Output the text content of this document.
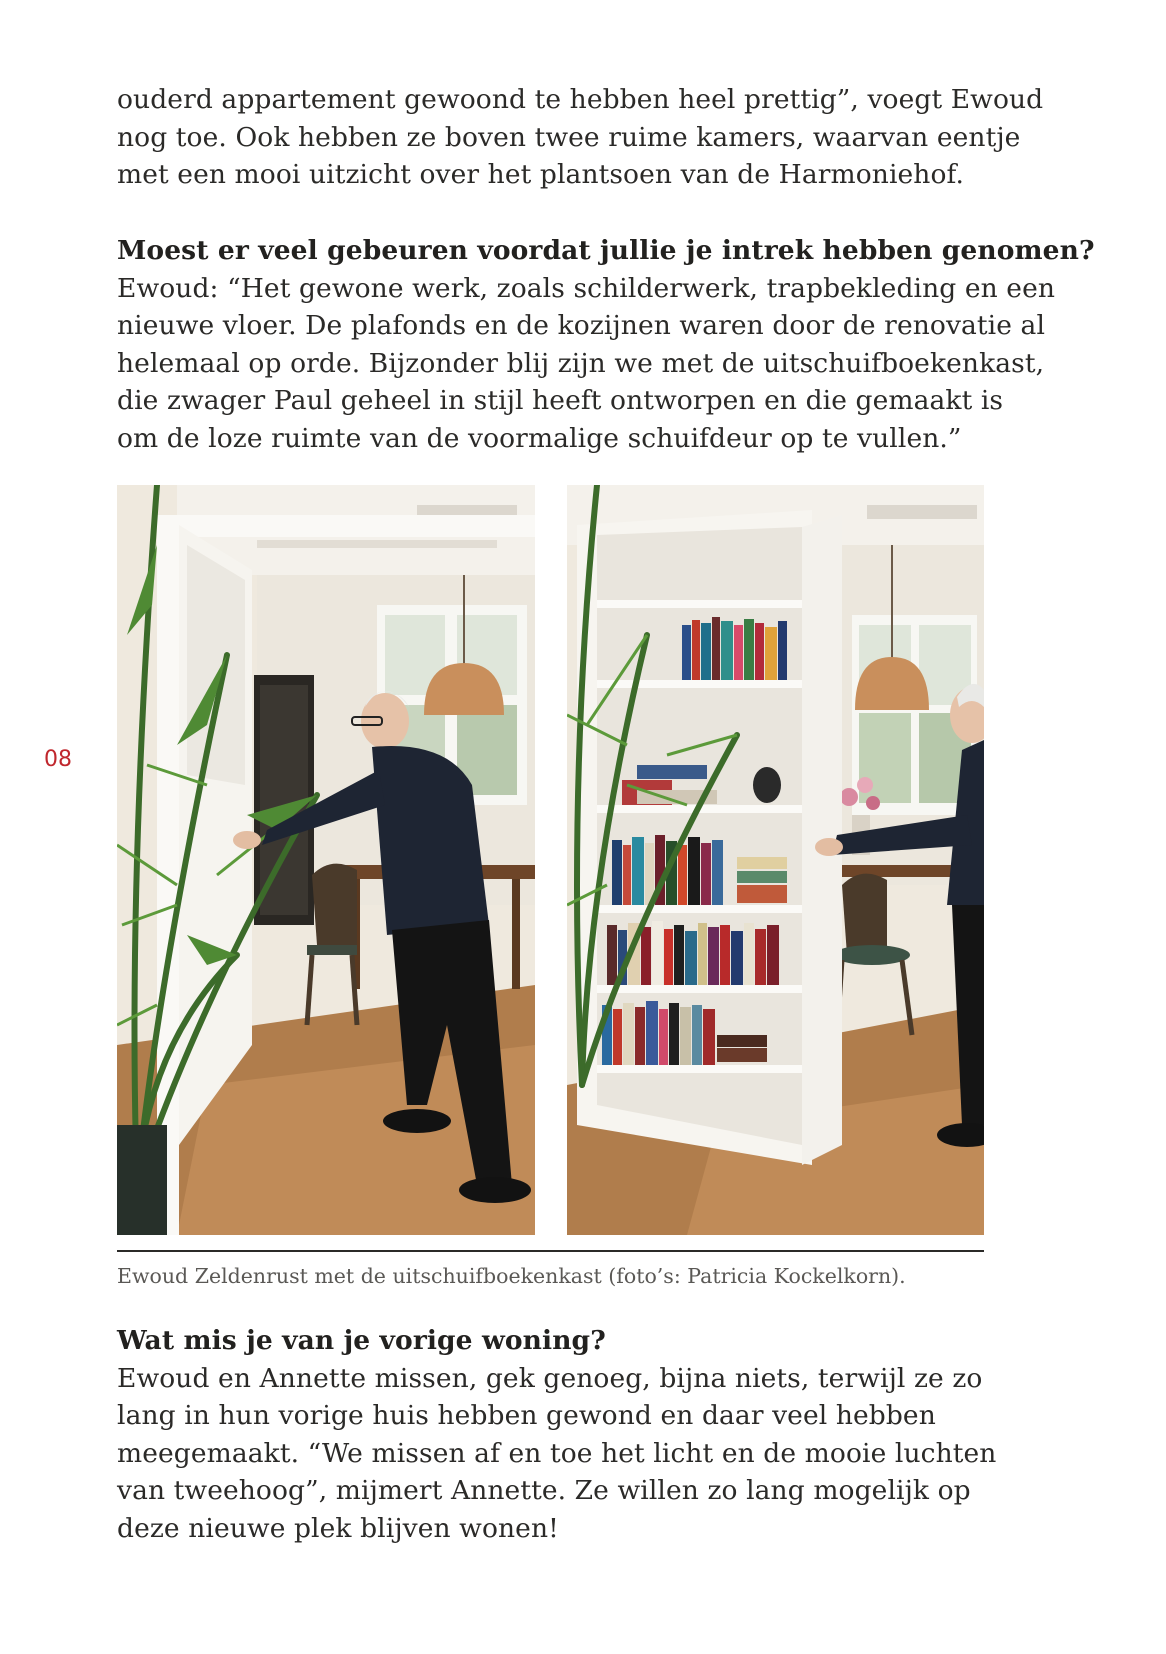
ouderd appartement gewoond te hebben heel prettig”, voegt Ewoud
nog toe. Ook hebben ze boven twee ruime kamers, waarvan eentje
met een mooi uitzicht over het plantsoen van de Harmoniehof.

Moest er veel gebeuren voordat jullie je intrek hebben genomen?
Ewoud: “Het gewone werk, zoals schilderwerk, trapbekleding en een
nieuwe vloer. De plafonds en de kozijnen waren door de renovatie al
helemaal op orde. Bijzonder blij zijn we met de uitschuifboekenkast,
die zwager Paul geheel in stijl heeft ontworpen en die gemaakt is
om de loze ruimte van de voormalige schuifdeur op te vullen.”

08

Ewoud Zeldenrust met de uitschuifboekenkast (foto’s: Patricia Kockelkorn).

Wat mis je van je vorige woning?
Ewoud en Annette missen, gek genoeg, bijna niets, terwijl ze zo
lang in hun vorige huis hebben gewond en daar veel hebben
meegemaakt. “We missen af en toe het licht en de mooie luchten
van tweehoog”, mijmert Annette. Ze willen zo lang mogelijk op
deze nieuwe plek blijven wonen!
